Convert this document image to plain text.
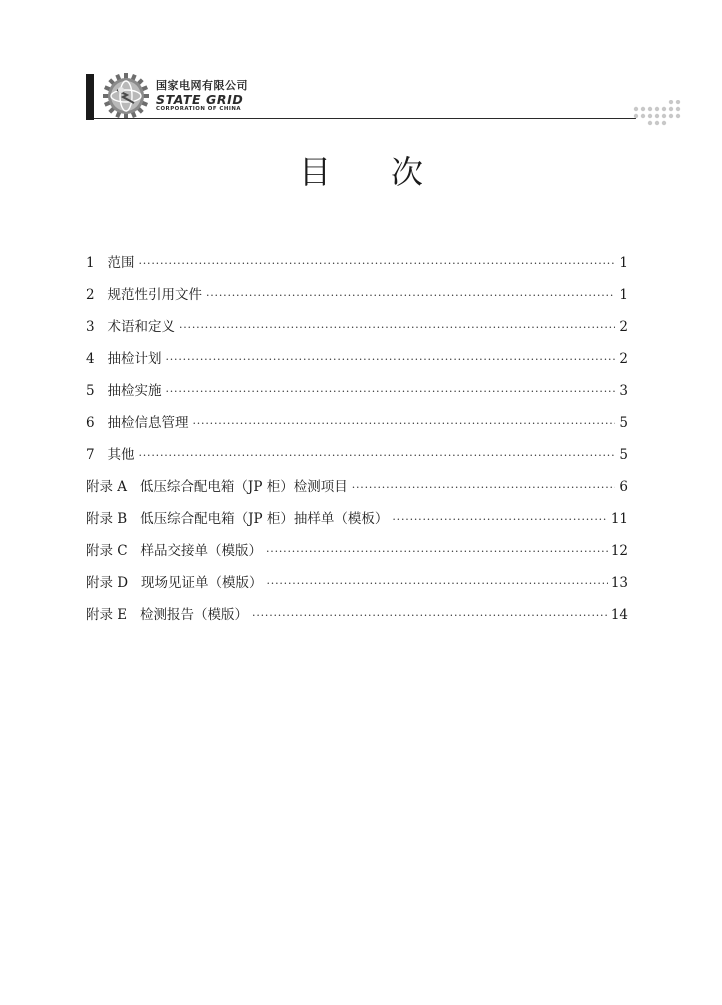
国家电网有限公司
STATE GRID
CORPORATION OF CHINA
目次
1 范围 ·····	1
2 规范性引用文件 ·····	1
3 术语和定义 ·····	2
4 抽检计划 ·····	2
5 抽检实施 ·····	3
6 抽检信息管理 ·····	5
7 其他 ·····	5
附录 A 低压综合配电箱（JP 柜）检测项目 ·····	6
附录 B 低压综合配电箱（JP 柜）抽样单（模板） ·····	11
附录 C 样品交接单（模版） ·····	12
附录 D 现场见证单（模版） ·····	13
附录 E 检测报告（模版） ·····	14
